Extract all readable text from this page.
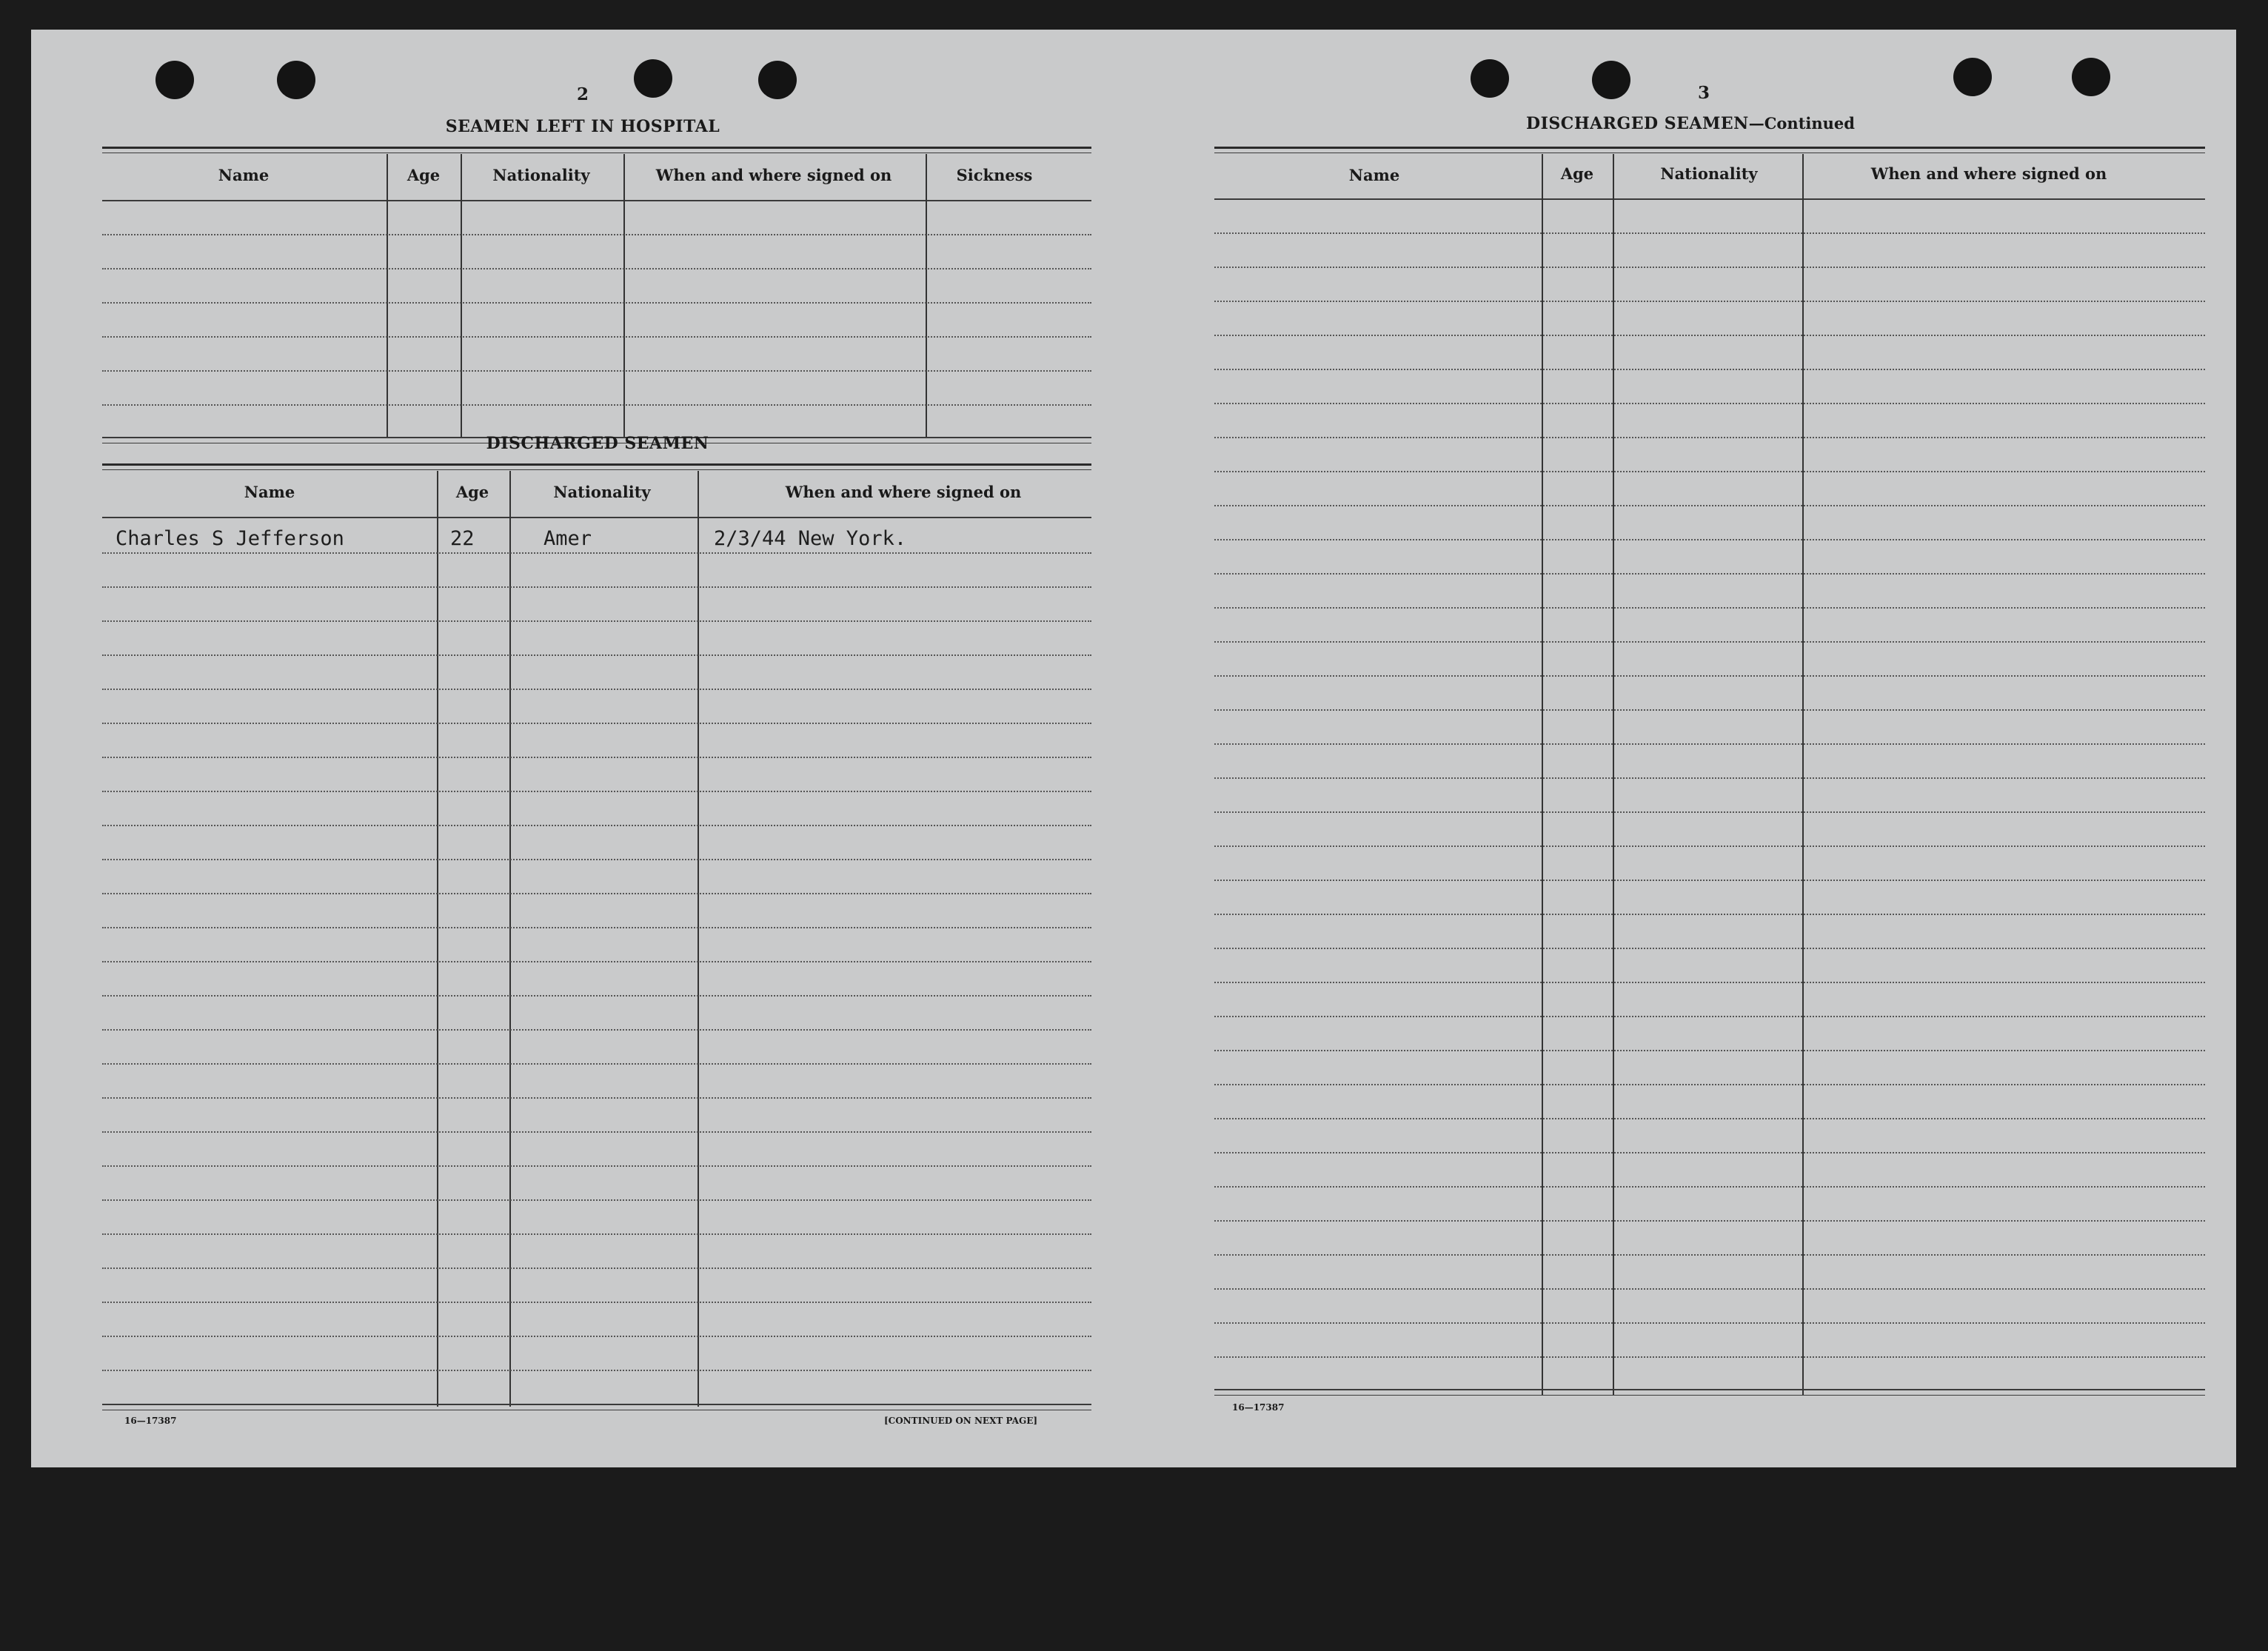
2
SEAMEN LEFT IN HOSPITAL
Name	Age	Nationality	When and where signed on	Sickness
DISCHARGED SEAMEN
Name	Age	Nationality	When and where signed on
Charles S Jefferson	22	Amer	2/3/44 New York.
16—17387	[CONTINUED ON NEXT PAGE]
3
DISCHARGED SEAMEN—Continued
Name	Age	Nationality	When and where signed on
16—17387
